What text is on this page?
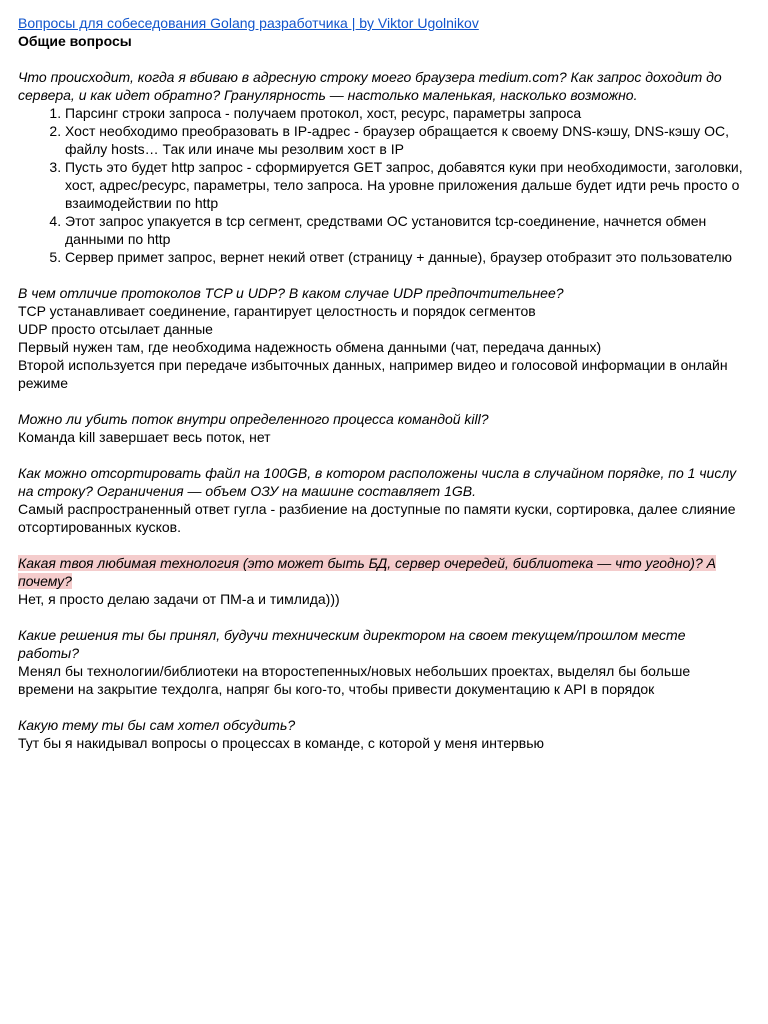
Вопросы для собеседования Golang разработчика | by Viktor Ugolnikov
Общие вопросы
Что происходит, когда я вбиваю в адресную строку моего браузера medium.com? Как запрос доходит до сервера, и как идет обратно? Гранулярность — настолько маленькая, насколько возможно.
1. Парсинг строки запроса - получаем протокол, хост, ресурс, параметры запроса
2. Хост необходимо преобразовать в IP-адрес - браузер обращается к своему DNS-кэшу, DNS-кэшу ОС, файлу hosts… Так или иначе мы резолвим хост в IP
3. Пусть это будет http запрос - сформируется GET запрос, добавятся куки при необходимости, заголовки, хост, адрес/ресурс, параметры, тело запроса. На уровне приложения дальше будет идти речь просто о взаимодействии по http
4. Этот запрос упакуется в tcp сегмент, средствами ОС установится tcp-соединение, начнется обмен данными по http
5. Сервер примет запрос, вернет некий ответ (страницу + данные), браузер отобразит это пользователю
В чем отличие протоколов TCP и UDP? В каком случае UDP предпочтительнее?
TCP устанавливает соединение, гарантирует целостность и порядок сегментов
UDP просто отсылает данные
Первый нужен там, где необходима надежность обмена данными (чат, передача данных)
Второй используется при передаче избыточных данных, например видео и голосовой информации в онлайн режиме
Можно ли убить поток внутри определенного процесса командой kill?
Команда kill завершает весь поток, нет
Как можно отсортировать файл на 100GB, в котором расположены числа в случайном порядке, по 1 числу на строку? Ограничения — объем ОЗУ на машине составляет 1GB.
Самый распространенный ответ гугла - разбиение на доступные по памяти куски, сортировка, далее слияние отсортированных кусков.
Какая твоя любимая технология (это может быть БД, сервер очередей, библиотека — что угодно)? А почему?
Нет, я просто делаю задачи от ПМ-а и тимлида)))
Какие решения ты бы принял, будучи техническим директором на своем текущем/прошлом месте работы?
Менял бы технологии/библиотеки на второстепенных/новых небольших проектах, выделял бы больше времени на закрытие техдолга, напряг бы кого-то, чтобы привести документацию к API в порядок
Какую тему ты бы сам хотел обсудить?
Тут бы я накидывал вопросы о процессах в команде, с которой у меня интервью
